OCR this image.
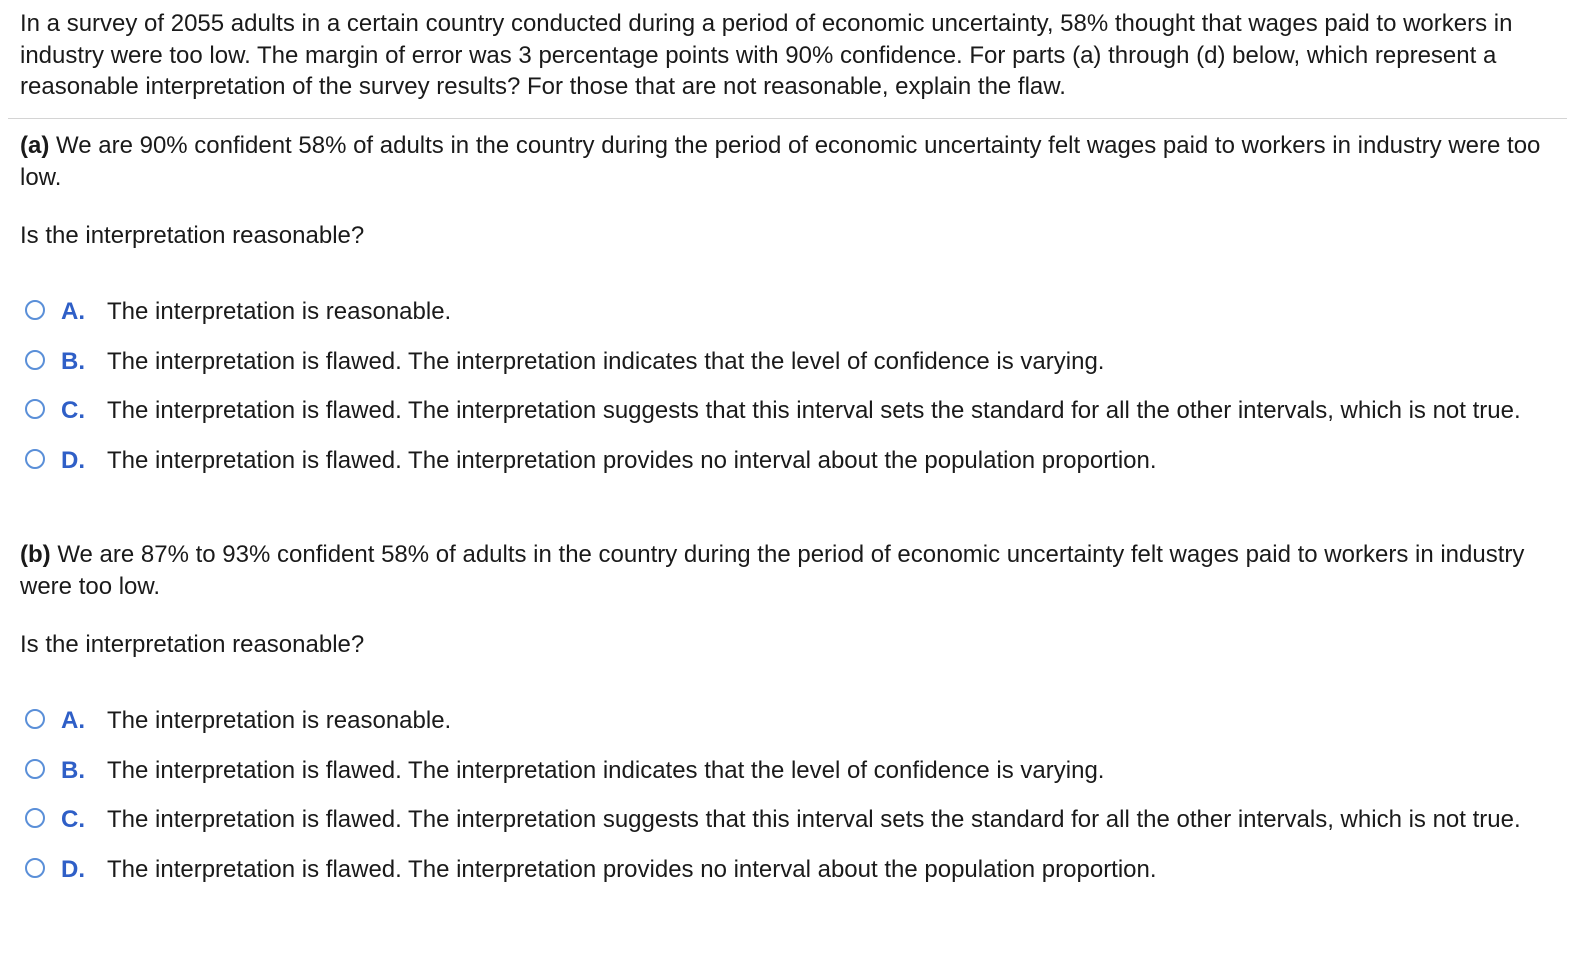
In a survey of 2055 adults in a certain country conducted during a period of economic uncertainty, 58% thought that wages paid to workers in industry were too low. The margin of error was 3 percentage points with 90% confidence. For parts (a) through (d) below, which represent a reasonable interpretation of the survey results? For those that are not reasonable, explain the flaw.

(a) We are 90% confident 58% of adults in the country during the period of economic uncertainty felt wages paid to workers in industry were too low.

Is the interpretation reasonable?

A. The interpretation is reasonable.
B. The interpretation is flawed. The interpretation indicates that the level of confidence is varying.
C. The interpretation is flawed. The interpretation suggests that this interval sets the standard for all the other intervals, which is not true.
D. The interpretation is flawed. The interpretation provides no interval about the population proportion.

(b) We are 87% to 93% confident 58% of adults in the country during the period of economic uncertainty felt wages paid to workers in industry were too low.

Is the interpretation reasonable?

A. The interpretation is reasonable.
B. The interpretation is flawed. The interpretation indicates that the level of confidence is varying.
C. The interpretation is flawed. The interpretation suggests that this interval sets the standard for all the other intervals, which is not true.
D. The interpretation is flawed. The interpretation provides no interval about the population proportion.
